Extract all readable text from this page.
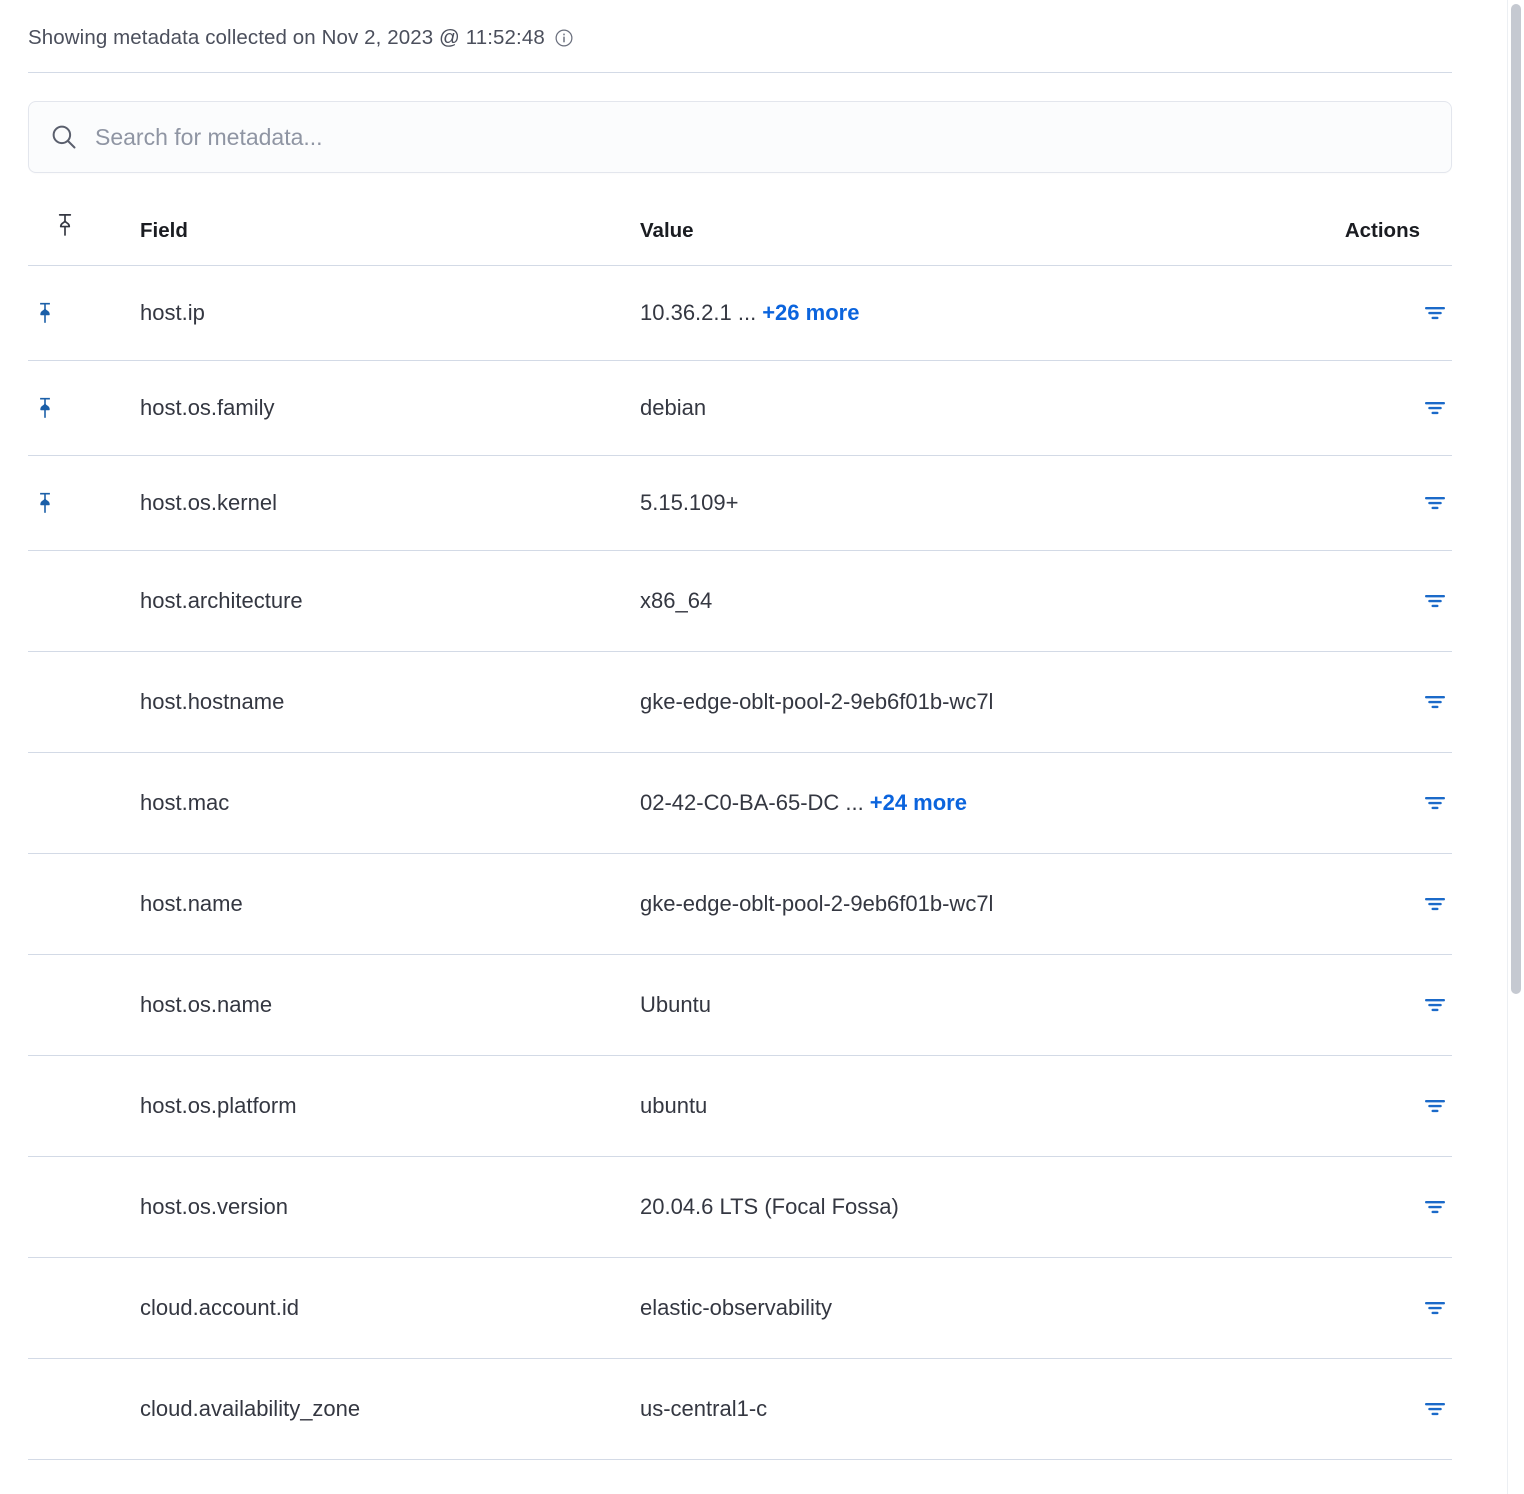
Showing metadata collected on Nov 2, 2023 @ 11:52:48
Search for metadata...
	Field	Value	Actions

	host.ip	10.36.2.1 ... +26 more	

	host.os.family	debian	

	host.os.kernel	5.15.109+	

	host.architecture	x86_64	

	host.hostname	gke-edge-oblt-pool-2-9eb6f01b-wc7l	

	host.mac	02-42-C0-BA-65-DC ... +24 more	

	host.name	gke-edge-oblt-pool-2-9eb6f01b-wc7l	

	host.os.name	Ubuntu	

	host.os.platform	ubuntu	

	host.os.version	20.04.6 LTS (Focal Fossa)	

	cloud.account.id	elastic-observability	

	cloud.availability_zone	us-central1-c	
